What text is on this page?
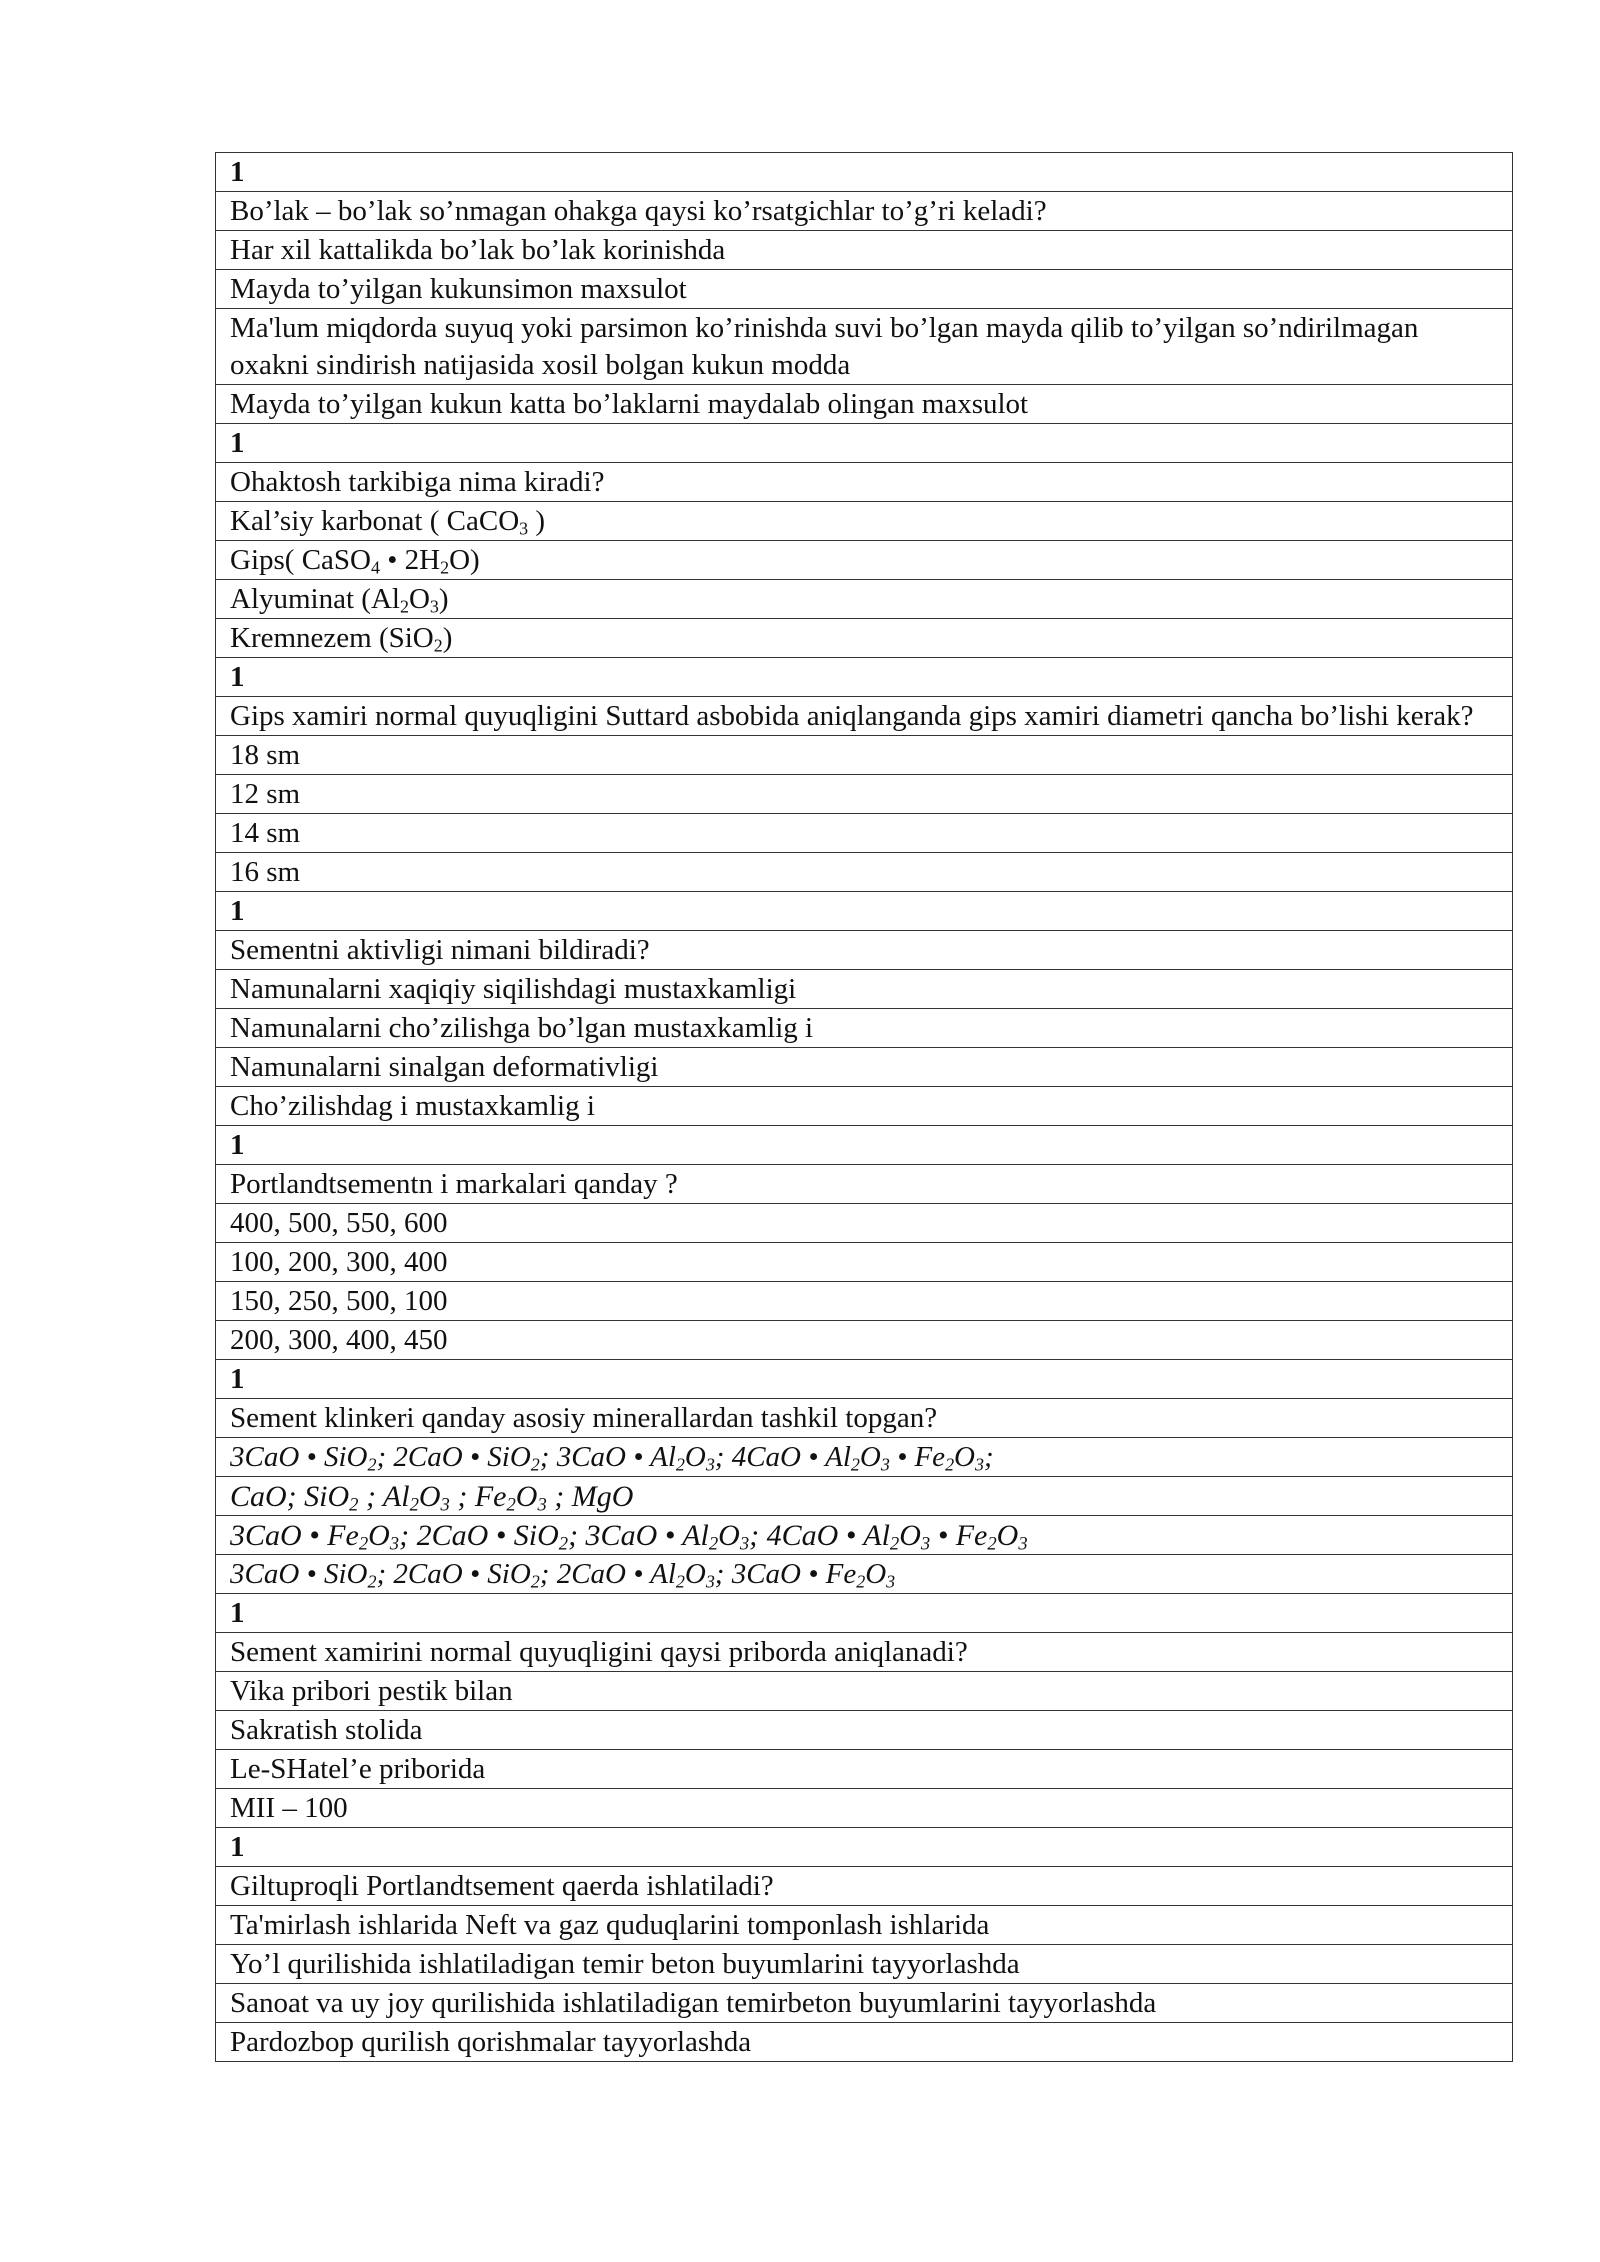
1
Bo’lak – bo’lak so’nmagan ohakga qaysi ko’rsatgichlar to’g’ri keladi?
Har xil kattalikda bo’lak bo’lak korinishda
Mayda to’yilgan kukunsimon maxsulot
Ma'lum miqdorda suyuq yoki parsimon ko’rinishda suvi bo’lgan mayda qilib to’yilgan so’ndirilmagan oxakni sindirish natijasida xosil bolgan kukun modda
Mayda to’yilgan kukun katta bo’laklarni maydalab olingan maxsulot
1
Ohaktosh tarkibiga nima kiradi?
Kal’siy karbonat ( CaCO$_3$ )
Gips( CaSO$_4$ • $2H_2O$)
Alyuminat $(Al_2O_3)$
Kremnezem (SiO$_2$)
1
Gips xamiri normal quyuqligini Suttard asbobida aniqlanganda gips xamiri diametri qancha bo’lishi kerak?
18 sm
12 sm
14 sm
16 sm
1
Sementni aktivligi nimani bildiradi?
Namunalarni xaqiqiy siqilishdagi mustaxkamligi
Namunalarni cho’zilishga bo’lgan mustaxkamlig i
Namunalarni sinalgan deformativligi
Cho’zilishdag i mustaxkamlig i
1
Portlandtsementn i markalari qanday ?
400, 500, 550, 600
100, 200, 300, 400
150, 250, 500, 100
200, 300, 400, 450
1
Sement klinkeri qanday asosiy minerallardan tashkil topgan?
3CaO • SiO$_2$; 2CaO • SiO$_2$; 3CaO • $Al_2O_3$; 4CaO • $Al_2O_3$ • $Fe_2O_3$;
CaO; SiO$_2$ ; $Al_2O_3$ ; $Fe_2O_3$ ; MgO
3CaO • $Fe_2O_3$; 2CaO • SiO$_2$; 3CaO • $Al_2O_3$; 4CaO • $Al_2O_3$ • $Fe_2O_3$
3CaO • SiO$_2$; 2CaO • SiO$_2$; 2CaO • $Al_2O_3$; 3CaO • $Fe_2O_3$
1
Sement xamirini normal quyuqligini qaysi priborda aniqlanadi?
Vika pribori pestik bilan
Sakratish stolida
Le-SHatel’e priborida
MII – 100
1
Giltuproqli Portlandtsement qaerda ishlatiladi?
Ta'mirlash ishlarida Neft va gaz quduqlarini tomponlash ishlarida
Yo’l qurilishida ishlatiladigan temir beton buyumlarini tayyorlashda
Sanoat va uy joy qurilishida ishlatiladigan temirbeton buyumlarini tayyorlashda
Pardozbop qurilish qorishmalar tayyorlashda
